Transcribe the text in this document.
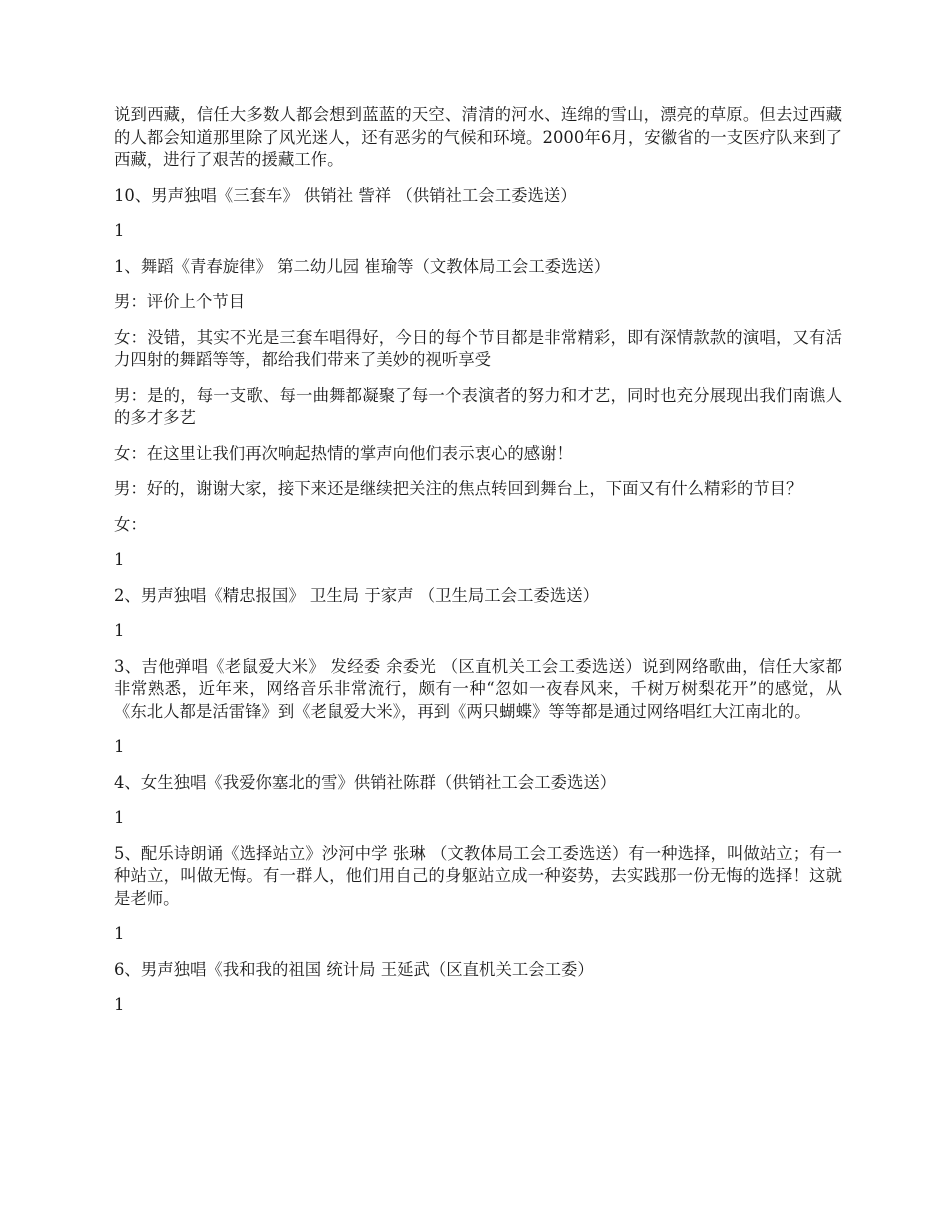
说到西藏，信任大多数人都会想到蓝蓝的天空、清清的河水、连绵的雪山，漂亮的草原。但去过西藏的人都会知道那里除了风光迷人，还有恶劣的气候和环境。2000年6月，安徽省的一支医疗队来到了西藏，进行了艰苦的援藏工作。

10、男声独唱《三套车》 供销社 訾祥 （供销社工会工委选送）

1

1、舞蹈《青春旋律》 第二幼儿园 崔瑜等（文教体局工会工委选送）

男：评价上个节目

女：没错，其实不光是三套车唱得好，今日的每个节目都是非常精彩，即有深情款款的演唱，又有活力四射的舞蹈等等，都给我们带来了美妙的视听享受

男：是的，每一支歌、每一曲舞都凝聚了每一个表演者的努力和才艺，同时也充分展现出我们南谯人的多才多艺

女：在这里让我们再次响起热情的掌声向他们表示衷心的感谢！

男：好的，谢谢大家，接下来还是继续把关注的焦点转回到舞台上，下面又有什么精彩的节目？

女：

1

2、男声独唱《精忠报国》 卫生局 于家声 （卫生局工会工委选送）

1

3、吉他弹唱《老鼠爱大米》 发经委 余委光 （区直机关工会工委选送）说到网络歌曲，信任大家都非常熟悉，近年来，网络音乐非常流行，颇有一种“忽如一夜春风来，千树万树梨花开”的感觉，从《东北人都是活雷锋》到《老鼠爱大米》，再到《两只蝴蝶》等等都是通过网络唱红大江南北的。

1

4、女生独唱《我爱你塞北的雪》供销社陈群（供销社工会工委选送）

1

5、配乐诗朗诵《选择站立》沙河中学 张琳 （文教体局工会工委选送）有一种选择，叫做站立；有一种站立，叫做无悔。有一群人，他们用自己的身躯站立成一种姿势，去实践那一份无悔的选择！这就是老师。

1

6、男声独唱《我和我的祖国 统计局 王延武（区直机关工会工委）

1
